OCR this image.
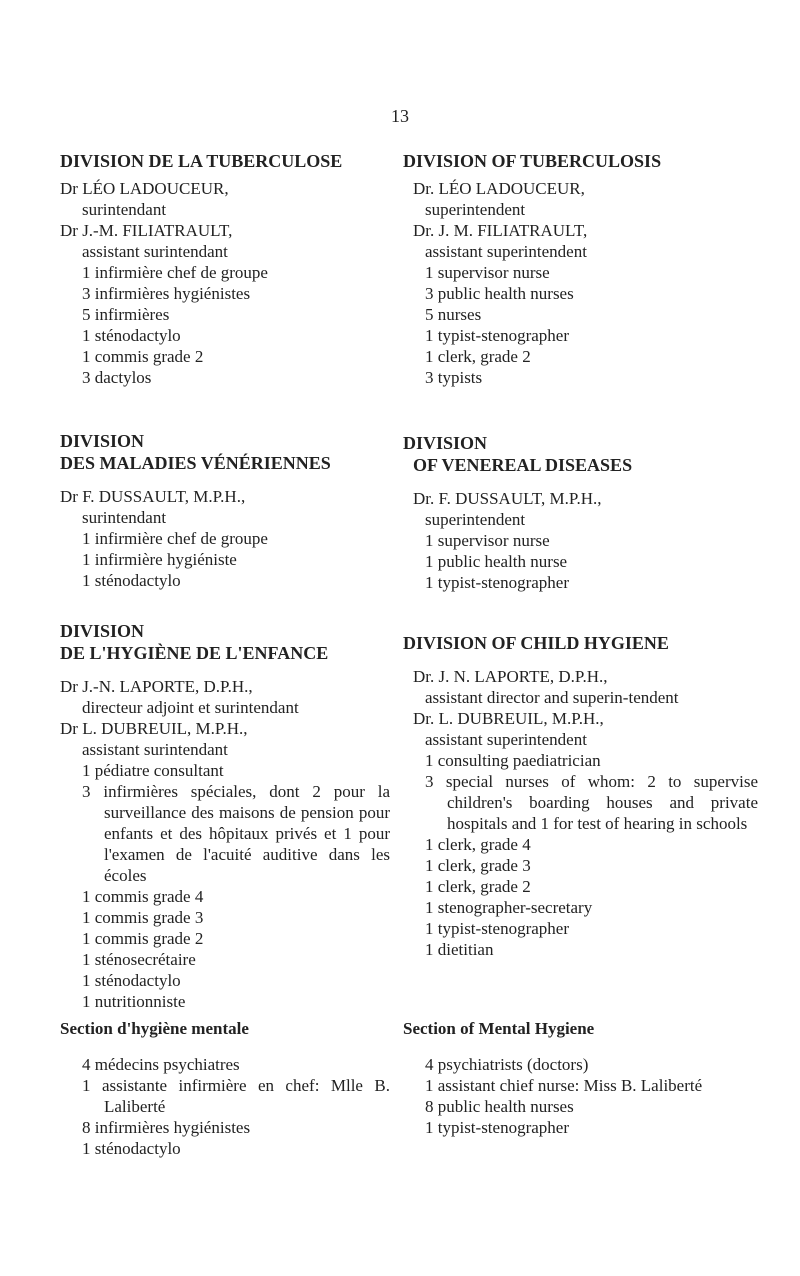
13

DIVISION DE LA TUBERCULOSE

Dr LÉO LADOUCEUR,

surintendant

Dr J.-M. FILIATRAULT,

assistant surintendant

1 infirmière chef de groupe

3 infirmières hygiénistes

5 infirmières

1 sténodactylo

1 commis grade 2

3 dactylos

DIVISION

DES MALADIES VÉNÉRIENNES

Dr F. DUSSAULT, M.P.H.,

surintendant

1 infirmière chef de groupe

1 infirmière hygiéniste

1 sténodactylo

DIVISION

DE L'HYGIÈNE DE L'ENFANCE

Dr J.-N. LAPORTE, D.P.H.,

directeur adjoint et surintendant

Dr L. DUBREUIL, M.P.H.,

assistant surintendant

1 pédiatre consultant

3 infirmières spéciales, dont 2 pour la surveillance des maisons de pension pour enfants et des hôpitaux privés et 1 pour l'examen de l'acuité auditive dans les écoles

1 commis grade 4

1 commis grade 3

1 commis grade 2

1 sténosecrétaire

1 sténodactylo

1 nutritionniste

Section d'hygiène mentale

4 médecins psychiatres

1 assistante infirmière en chef: Mlle B. Laliberté

8 infirmières hygiénistes

1 sténodactylo

DIVISION OF TUBERCULOSIS

Dr. LÉO LADOUCEUR,

superintendent

Dr. J. M. FILIATRAULT,

assistant superintendent

1 supervisor nurse

3 public health nurses

5 nurses

1 typist-stenographer

1 clerk, grade 2

3 typists

DIVISION

OF VENEREAL DISEASES

Dr. F. DUSSAULT, M.P.H.,

superintendent

1 supervisor nurse

1 public health nurse

1 typist-stenographer

DIVISION OF CHILD HYGIENE

Dr. J. N. LAPORTE, D.P.H.,

assistant director and superin-tendent

Dr. L. DUBREUIL, M.P.H.,

assistant superintendent

1 consulting paediatrician

3 special nurses of whom: 2 to supervise children's boarding houses and private hospitals and 1 for test of hearing in schools

1 clerk, grade 4

1 clerk, grade 3

1 clerk, grade 2

1 stenographer-secretary

1 typist-stenographer

1 dietitian

Section of Mental Hygiene

4 psychiatrists (doctors)

1 assistant chief nurse: Miss B. Laliberté

8 public health nurses

1 typist-stenographer
